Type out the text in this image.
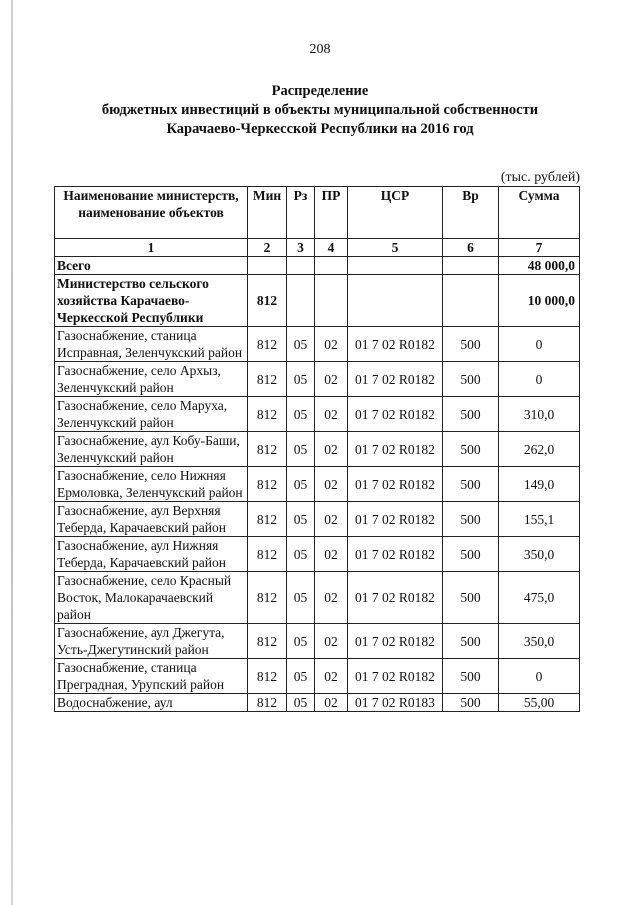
208
Распределение
бюджетных инвестиций в объекты муниципальной собственности
Карачаево-Черкесской Республики на 2016 год
(тыс. рублей)
Наименование министерств, наименование объектов	Мин	Рз	ПР	ЦСР	Вр	Сумма
1	2	3	4	5	6	7
Всего						48 000,0
Министерство сельского хозяйства Карачаево-Черкесской Республики	812					10 000,0
Газоснабжение, станица Исправная, Зеленчукский район	812	05	02	01 7 02 R0182	500	0
Газоснабжение, село Архыз, Зеленчукский район	812	05	02	01 7 02 R0182	500	0
Газоснабжение, село Маруха, Зеленчукский район	812	05	02	01 7 02 R0182	500	310,0
Газоснабжение, аул Кобу-Баши, Зеленчукский район	812	05	02	01 7 02 R0182	500	262,0
Газоснабжение, село Нижняя Ермоловка, Зеленчукский район	812	05	02	01 7 02 R0182	500	149,0
Газоснабжение, аул Верхняя Теберда, Карачаевский район	812	05	02	01 7 02 R0182	500	155,1
Газоснабжение, аул Нижняя Теберда, Карачаевский район	812	05	02	01 7 02 R0182	500	350,0
Газоснабжение, село Красный Восток, Малокарачаевский район	812	05	02	01 7 02 R0182	500	475,0
Газоснабжение, аул Джегута, Усть-Джегутинский район	812	05	02	01 7 02 R0182	500	350,0
Газоснабжение, станица Преградная, Урупский район	812	05	02	01 7 02 R0182	500	0
Водоснабжение, аул	812	05	02	01 7 02 R0183	500	55,00
